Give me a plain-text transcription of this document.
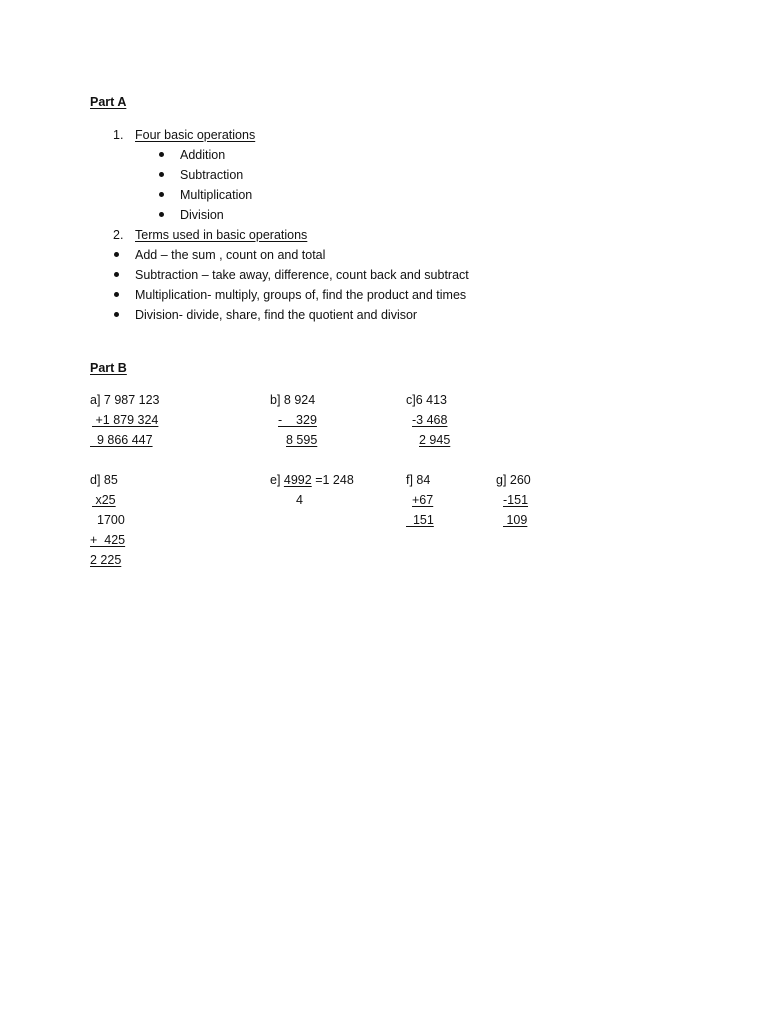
Part A
1. Four basic operations
Addition
Subtraction
Multiplication
Division
2. Terms used in basic operations
Add – the sum , count on and total
Subtraction – take away, difference, count back and subtract
Multiplication- multiply, groups of, find the product and times
Division- divide, share, find the quotient and divisor
Part B
a] 7 987 123
+1 879 324
9 866 447
b] 8 924
-    329
8 595
c]6 413
-3 468
2 945
d] 85
x25
1700
+  425
2 225
e] 4992 =1 248
4
f] 84
+67
151
g] 260
-151
109
